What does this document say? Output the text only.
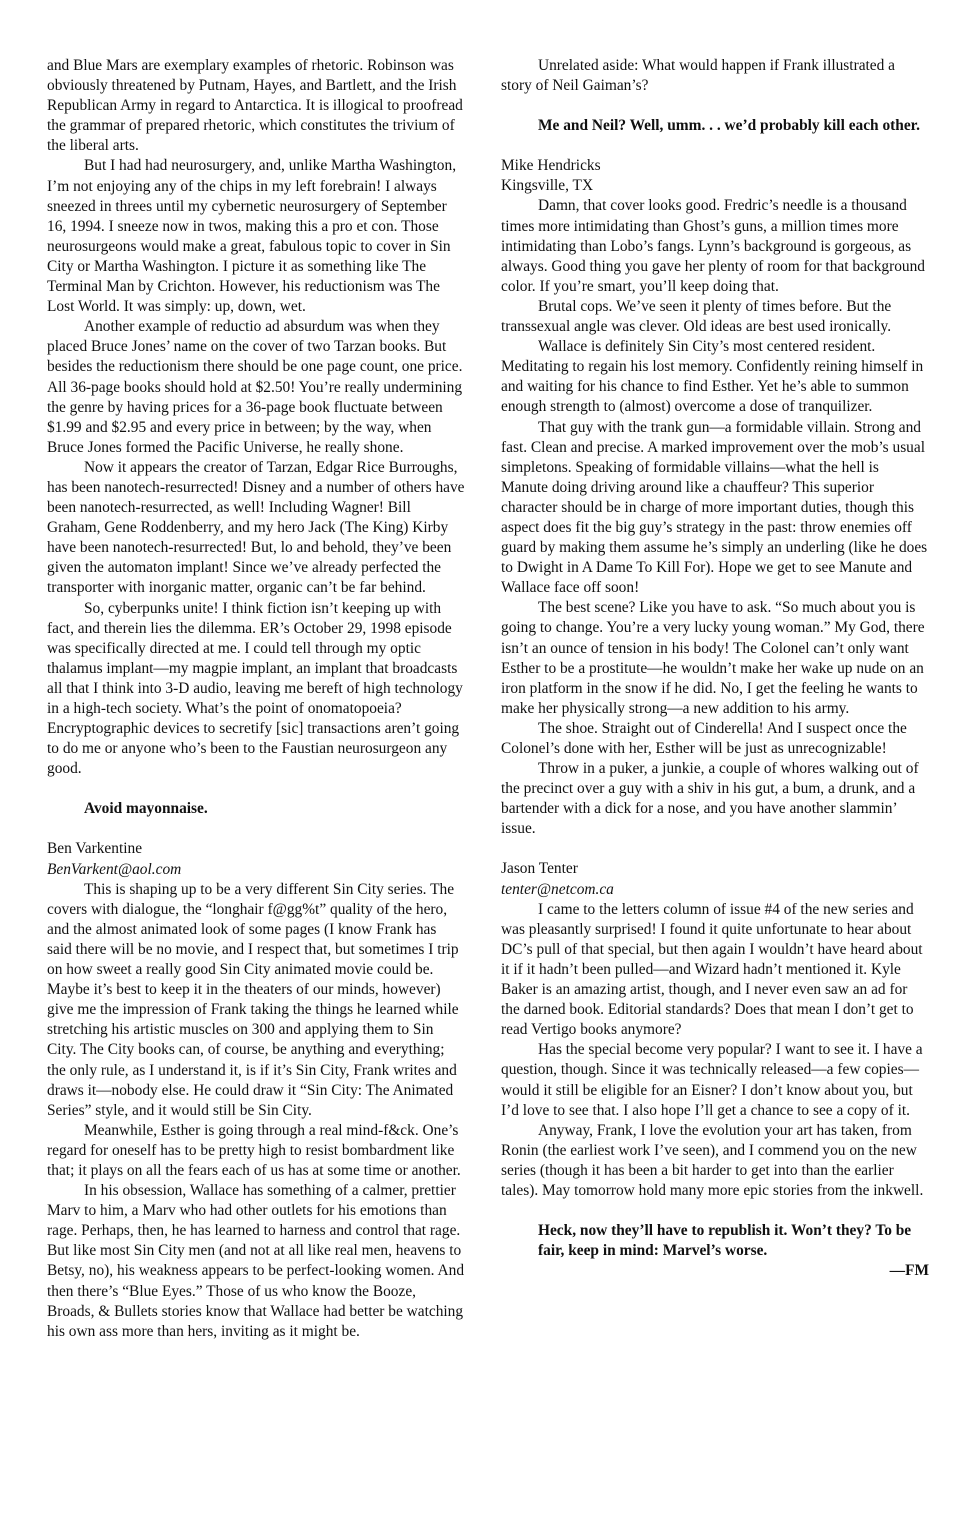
and Blue Mars are exemplary examples of rhetoric. Robinson was obviously threatened by Putnam, Hayes, and Bartlett, and the Irish Republican Army in regard to Antarctica. It is illogical to proofread the grammar of prepared rhetoric, which constitutes the trivium of the liberal arts.

But I had had neurosurgery, and, unlike Martha Washington, I’m not enjoying any of the chips in my left forebrain! I always sneezed in threes until my cybernetic neurosurgery of September 16, 1994. I sneeze now in twos, making this a pro et con. Those neurosurgeons would make a great, fabulous topic to cover in Sin City or Martha Washington. I picture it as something like The Terminal Man by Crichton. However, his reductionism was The Lost World. It was simply: up, down, wet.

Another example of reductio ad absurdum was when they placed Bruce Jones’ name on the cover of two Tarzan books. But besides the reductionism there should be one page count, one price. All 36-page books should hold at $2.50! You’re really undermining the genre by having prices for a 36-page book fluctuate between $1.99 and $2.95 and every price in between; by the way, when Bruce Jones formed the Pacific Universe, he really shone.

Now it appears the creator of Tarzan, Edgar Rice Burroughs, has been nanotech-resurrected! Disney and a number of others have been nanotech-resurrected, as well! Including Wagner! Bill Graham, Gene Roddenberry, and my hero Jack (The King) Kirby have been nanotech-resurrected! But, lo and behold, they’ve been given the automaton implant! Since we’ve already perfected the transporter with inorganic matter, organic can’t be far behind.

So, cyberpunks unite! I think fiction isn’t keeping up with fact, and therein lies the dilemma. ER’s October 29, 1998 episode was specifically directed at me. I could tell through my optic thalamus implant—my magpie implant, an implant that broadcasts all that I think into 3-D audio, leaving me bereft of high technology in a high-tech society. What’s the point of onomatopoeia? Encryptographic devices to secretify [sic] transactions aren’t going to do me or anyone who’s been to the Faustian neurosurgeon any good.

Avoid mayonnaise.

Ben Varkentine

BenVarkent@aol.com

This is shaping up to be a very different Sin City series. The covers with dialogue, the “longhair f@gg%t” quality of the hero, and the almost animated look of some pages (I know Frank has said there will be no movie, and I respect that, but sometimes I trip on how sweet a really good Sin City animated movie could be. Maybe it’s best to keep it in the theaters of our minds, however) give me the impression of Frank taking the things he learned while stretching his artistic muscles on 300 and applying them to Sin City. The City books can, of course, be anything and everything; the only rule, as I understand it, is if it’s Sin City, Frank writes and draws it—nobody else. He could draw it “Sin City: The Animated Series” style, and it would still be Sin City.

Meanwhile, Esther is going through a real mind-f&ck. One’s regard for oneself has to be pretty high to resist bombardment like that; it plays on all the fears each of us has at some time or another.

In his obsession, Wallace has something of a calmer, prettier Marv to him, a Marv who had other outlets for his emotions than rage. Perhaps, then, he has learned to harness and control that rage. But like most Sin City men (and not at all like real men, heavens to Betsy, no), his weakness appears to be perfect-looking women. And then there’s “Blue Eyes.” Those of us who know the Booze, Broads, & Bullets stories know that Wallace had better be watching his own ass more than hers, inviting as it might be.

Unrelated aside: What would happen if Frank illustrated a story of Neil Gaiman’s?

Me and Neil? Well, umm. . . we’d probably kill each other.

Mike Hendricks

Kingsville, TX

Damn, that cover looks good. Fredric’s needle is a thousand times more intimidating than Ghost’s guns, a million times more intimidating than Lobo’s fangs. Lynn’s background is gorgeous, as always. Good thing you gave her plenty of room for that background color. If you’re smart, you’ll keep doing that.

Brutal cops. We’ve seen it plenty of times before. But the transsexual angle was clever. Old ideas are best used ironically.

Wallace is definitely Sin City’s most centered resident. Meditating to regain his lost memory. Confidently reining himself in and waiting for his chance to find Esther. Yet he’s able to summon enough strength to (almost) overcome a dose of tranquilizer.

That guy with the trank gun—a formidable villain. Strong and fast. Clean and precise. A marked improvement over the mob’s usual simpletons. Speaking of formidable villains—what the hell is Manute doing driving around like a chauffeur? This superior character should be in charge of more important duties, though this aspect does fit the big guy’s strategy in the past: throw enemies off guard by making them assume he’s simply an underling (like he does to Dwight in A Dame To Kill For). Hope we get to see Manute and Wallace face off soon!

The best scene? Like you have to ask. “So much about you is going to change. You’re a very lucky young woman.” My God, there isn’t an ounce of tension in his body! The Colonel can’t only want Esther to be a prostitute—he wouldn’t make her wake up nude on an iron platform in the snow if he did. No, I get the feeling he wants to make her physically strong—a new addition to his army.

The shoe. Straight out of Cinderella! And I suspect once the Colonel’s done with her, Esther will be just as unrecognizable!

Throw in a puker, a junkie, a couple of whores walking out of the precinct over a guy with a shiv in his gut, a bum, a drunk, and a bartender with a dick for a nose, and you have another slammin’ issue.

Jason Tenter

tenter@netcom.ca

I came to the letters column of issue #4 of the new series and was pleasantly surprised! I found it quite unfortunate to hear about DC’s pull of that special, but then again I wouldn’t have heard about it if it hadn’t been pulled—and Wizard hadn’t mentioned it. Kyle Baker is an amazing artist, though, and I never even saw an ad for the darned book. Editorial standards? Does that mean I don’t get to read Vertigo books anymore?

Has the special become very popular? I want to see it. I have a question, though. Since it was technically released—a few copies—would it still be eligible for an Eisner? I don’t know about you, but I’d love to see that. I also hope I’ll get a chance to see a copy of it.

Anyway, Frank, I love the evolution your art has taken, from Ronin (the earliest work I’ve seen), and I commend you on the new series (though it has been a bit harder to get into than the earlier tales). May tomorrow hold many more epic stories from the inkwell.

Heck, now they’ll have to republish it. Won’t they? To be fair, keep in mind: Marvel’s worse.

—FM
